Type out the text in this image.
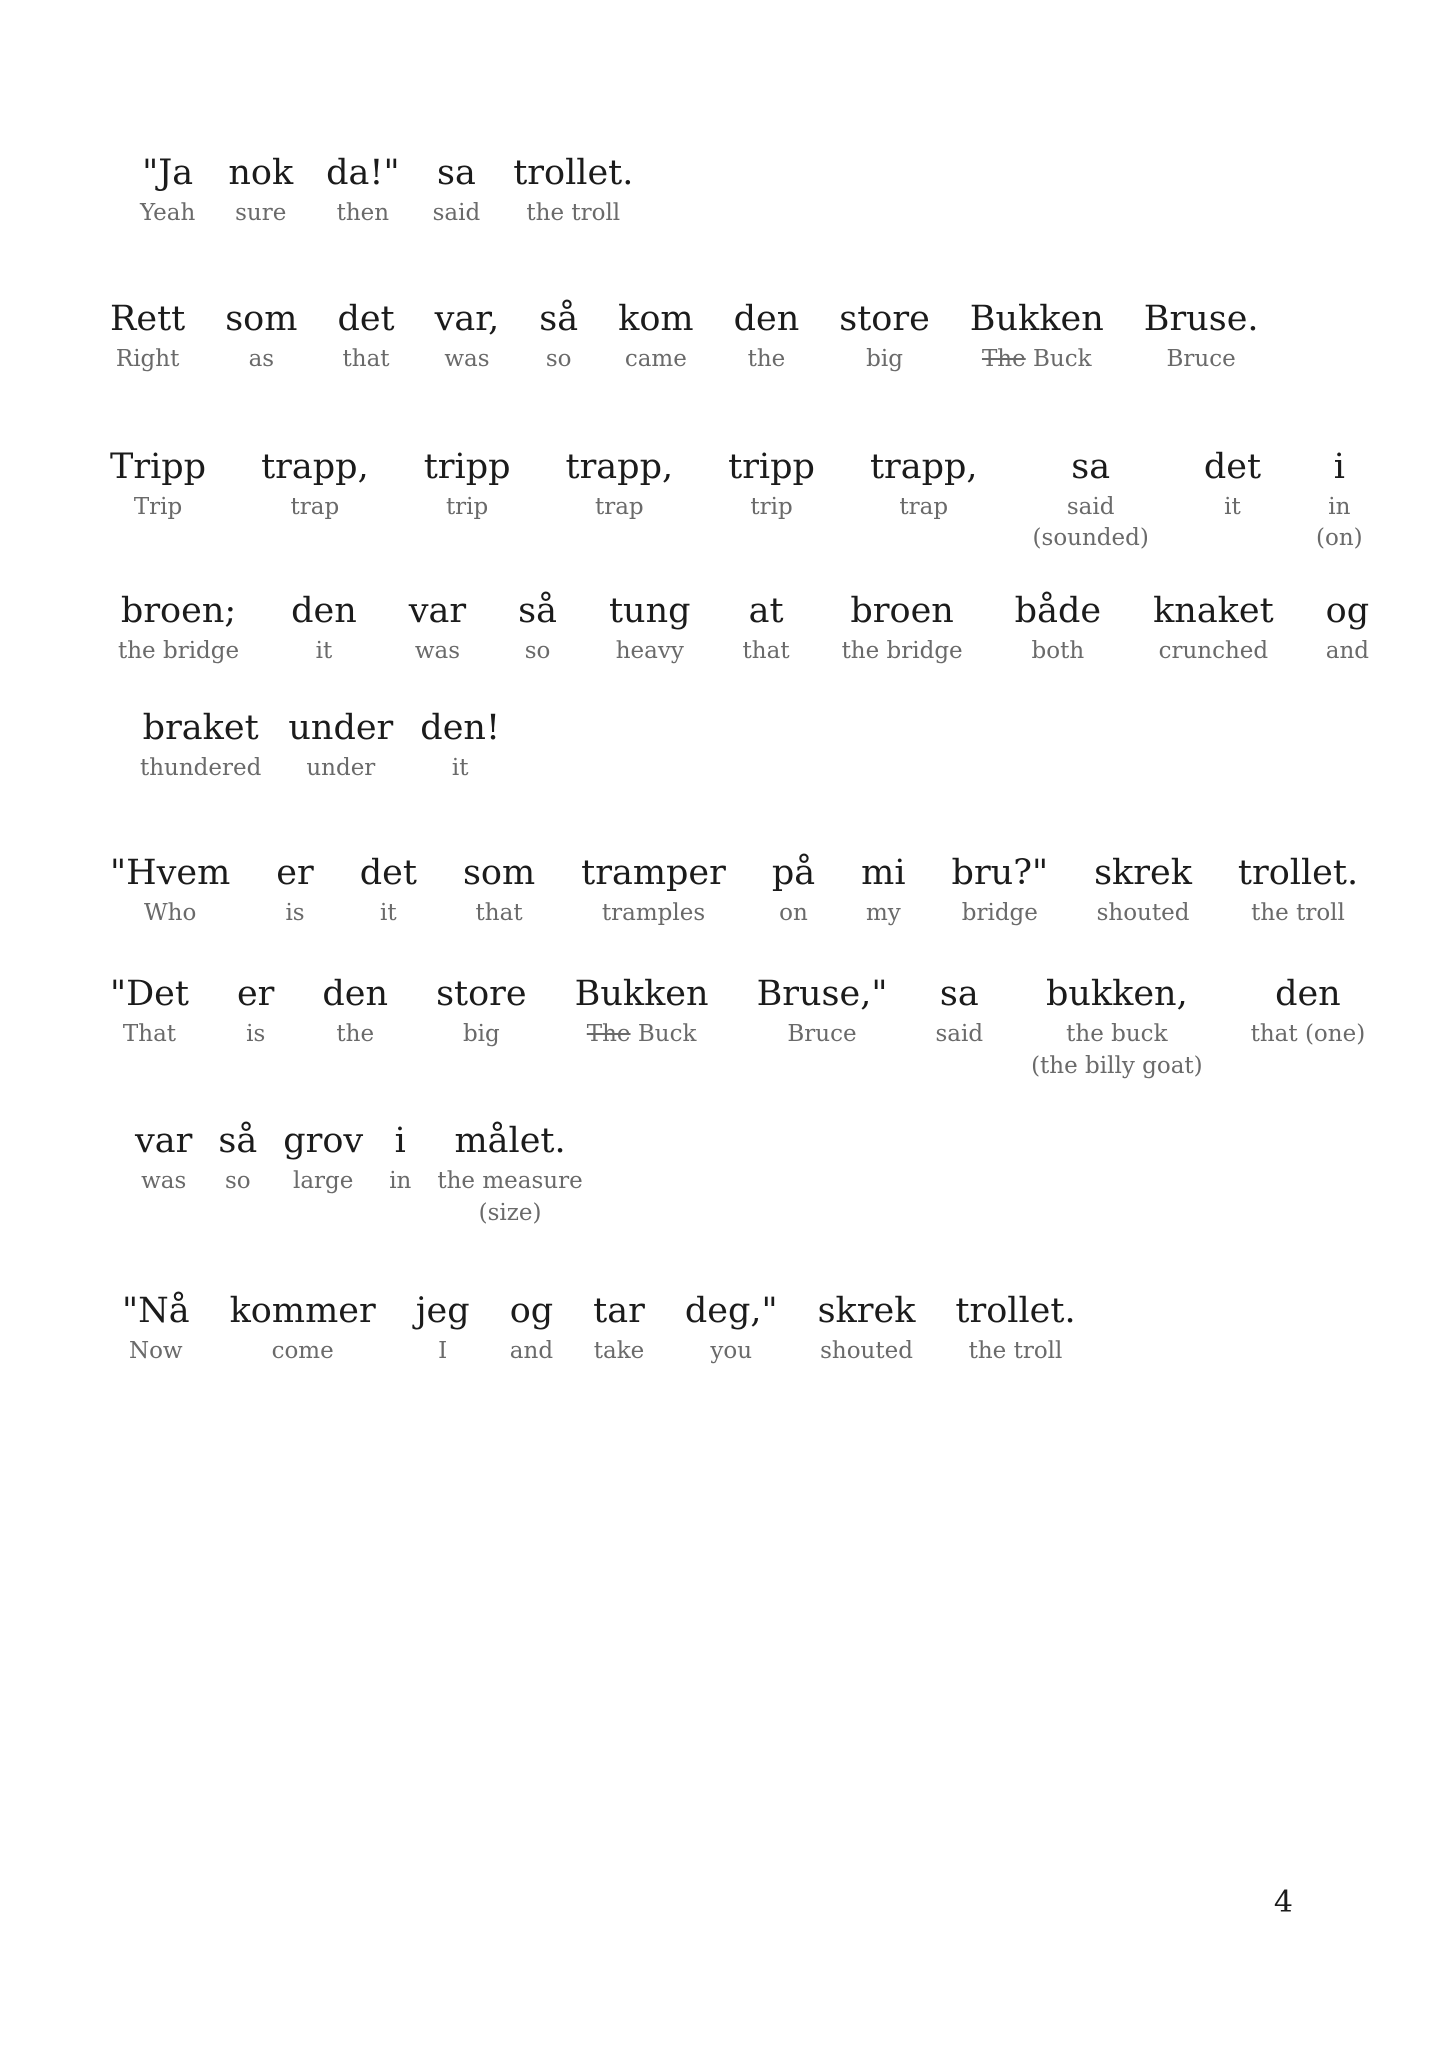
"Ja
Yeah
nok
sure
da!"
then
sa
said
trollet.
the troll
Rett
Right
som
as
det
that
var,
was
så
so
kom
came
den
the
store
big
Bukken
The Buck
Bruse.
Bruce
Tripp
Trip
trapp,
trap
tripp
trip
trapp,
trap
tripp
trip
trapp,
trap
sa
said
(sounded)
det
it
i
in
(on)
broen;
the bridge
den
it
var
was
så
so
tung
heavy
at
that
broen
the bridge
både
both
knaket
crunched
og
and
braket
thundered
under
under
den!
it
"Hvem
Who
er
is
det
it
som
that
tramper
tramples
på
on
mi
my
bru?"
bridge
skrek
shouted
trollet.
the troll
"Det
That
er
is
den
the
store
big
Bukken
The Buck
Bruse,"
Bruce
sa
said
bukken,
the buck
(the billy goat)
den
that (one)
var
was
så
so
grov
large
i
in
målet.
the measure
(size)
"Nå
Now
kommer
come
jeg
I
og
and
tar
take
deg,"
you
skrek
shouted
trollet.
the troll
4
